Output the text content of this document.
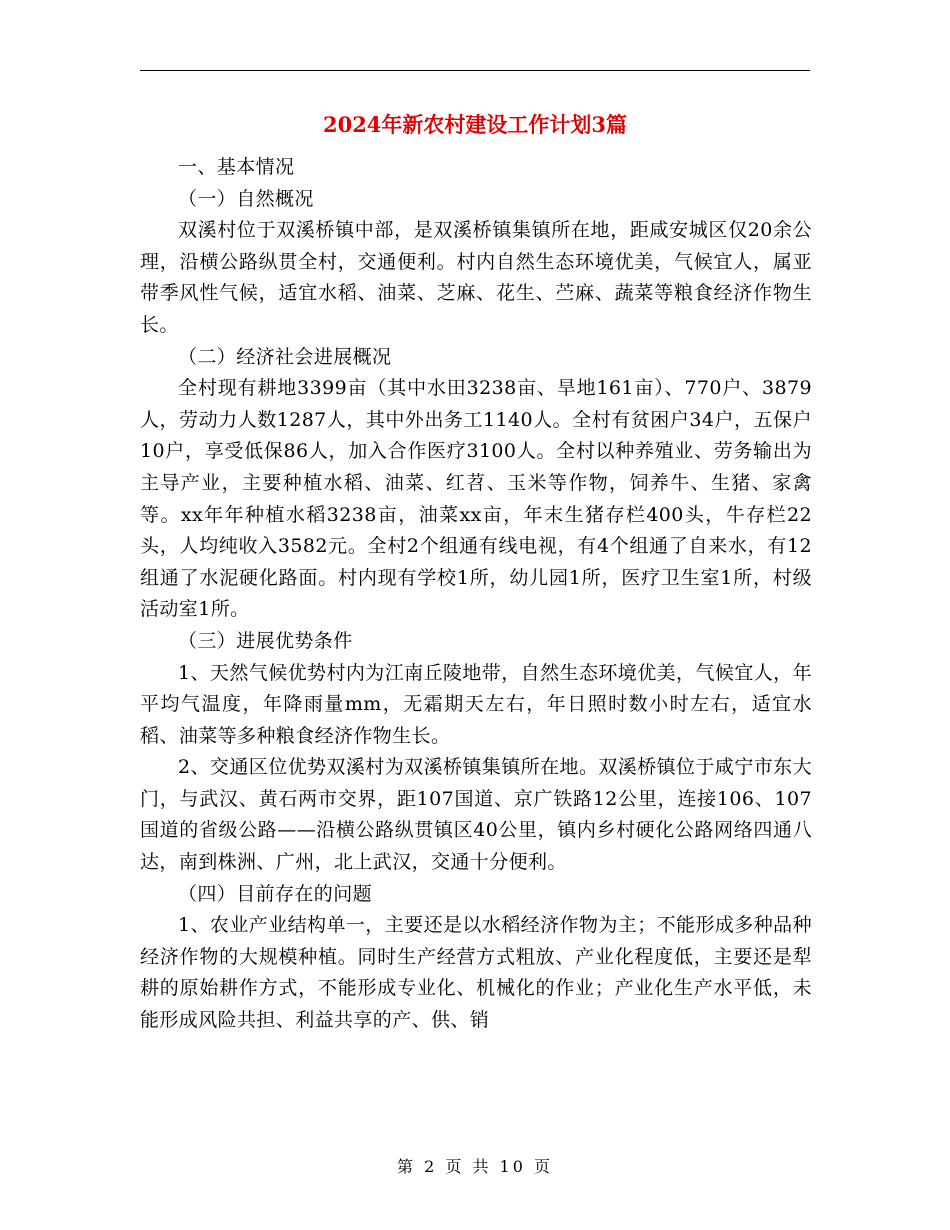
2024年新农村建设工作计划3篇

一、基本情况

（一）自然概况

双溪村位于双溪桥镇中部，是双溪桥镇集镇所在地，距咸安城区仅20余公理，沿横公路纵贯全村，交通便利。村内自然生态环境优美，气候宜人，属亚带季风性气候，适宜水稻、油菜、芝麻、花生、苎麻、蔬菜等粮食经济作物生长。

（二）经济社会进展概况

全村现有耕地3399亩（其中水田3238亩、旱地161亩）、770户、3879人，劳动力人数1287人，其中外出务工1140人。全村有贫困户34户，五保户10户，享受低保86人，加入合作医疗3100人。全村以种养殖业、劳务输出为主导产业，主要种植水稻、油菜、红苕、玉米等作物，饲养牛、生猪、家禽等。xx年年种植水稻3238亩，油菜xx亩，年末生猪存栏400头，牛存栏22头，人均纯收入3582元。全村2个组通有线电视，有4个组通了自来水，有12组通了水泥硬化路面。村内现有学校1所，幼儿园1所，医疗卫生室1所，村级活动室1所。

（三）进展优势条件

1、天然气候优势村内为江南丘陵地带，自然生态环境优美，气候宜人，年平均气温度，年降雨量mm，无霜期天左右，年日照时数小时左右，适宜水稻、油菜等多种粮食经济作物生长。

2、交通区位优势双溪村为双溪桥镇集镇所在地。双溪桥镇位于咸宁市东大门，与武汉、黄石两市交界，距107国道、京广铁路12公里，连接106、107国道的省级公路——沿横公路纵贯镇区40公里，镇内乡村硬化公路网络四通八达，南到株洲、广州，北上武汉，交通十分便利。

（四）目前存在的问题

1、农业产业结构单一，主要还是以水稻经济作物为主；不能形成多种品种经济作物的大规模种植。同时生产经营方式粗放、产业化程度低，主要还是犁耕的原始耕作方式，不能形成专业化、机械化的作业；产业化生产水平低，未能形成风险共担、利益共享的产、供、销

第 2 页 共 10 页
